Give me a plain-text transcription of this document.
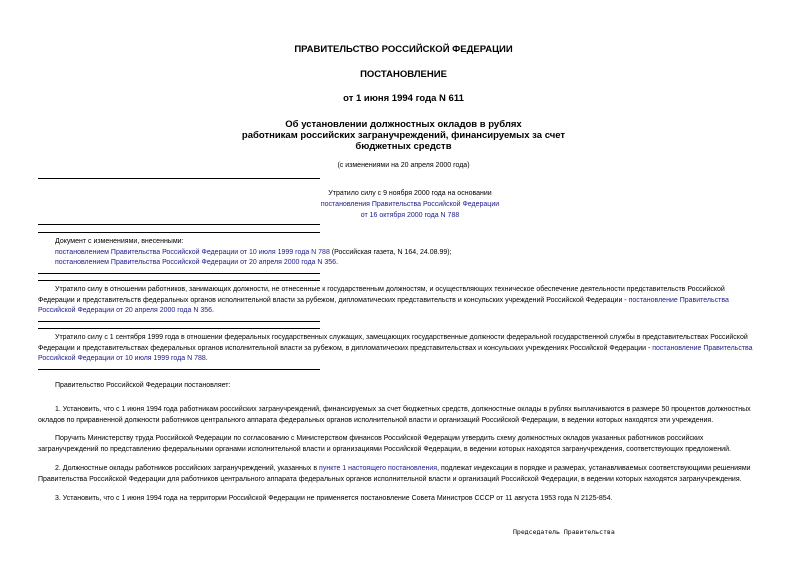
ПРАВИТЕЛЬСТВО РОССИЙСКОЙ ФЕДЕРАЦИИ
ПОСТАНОВЛЕНИЕ
от 1 июня 1994 года N 611
Об установлении должностных окладов в рублях
работникам российских загранучреждений, финансируемых за счет
бюджетных средств
(с изменениями на 20 апреля 2000 года)
Утратило силу с 9 ноября 2000 года на основании
постановления Правительства Российской Федерации
от 16 октября 2000 года N 788
Документ с изменениями, внесенными:
постановлением Правительства Российской Федерации от 10 июля 1999 года N 788 (Российская газета, N 164, 24.08.99);
постановлением Правительства Российской Федерации от 20 апреля 2000 года N 356.
Утратило силу в отношении работников, занимающих должности, не отнесенные к государственным должностям, и осуществляющих техническое обеспечение деятельности представительств Российской
Федерации и представительств федеральных органов исполнительной власти за рубежом, дипломатических представительств и консульских учреждений Российской Федерации - постановление Правительства
Российской Федерации от 20 апреля 2000 года N 356.
Утратило силу с 1 сентября 1999 года в отношении федеральных государственных служащих, замещающих государственные должности федеральной государственной службы в представительствах Российской
Федерации и представительствах федеральных органов исполнительной власти за рубежом, в дипломатических представительствах и консульских учреждениях Российской Федерации - постановление Правительства
Российской Федерации от 10 июля 1999 года N 788.
Правительство Российской Федерации постановляет:
1. Установить, что с 1 июня 1994 года работникам российских загранучреждений, финансируемых за счет бюджетных средств, должностные оклады в рублях выплачиваются в размере 50 процентов должностных
окладов по приравненной должности работников центрального аппарата федеральных органов исполнительной власти и организаций Российской Федерации, в ведении которых находятся эти учреждения.
Поручить Министерству труда Российской Федерации по согласованию с Министерством финансов Российской Федерации утвердить схему должностных окладов указанных работников российских
загранучреждений по представлению федеральными органами исполнительной власти и организациями Российской Федерации, в ведении которых находятся загранучреждения, соответствующих предложений.
2. Должностные оклады работников российских загранучреждений, указанных в пункте 1 настоящего постановления, подлежат индексации в порядке и размерах, устанавливаемых соответствующими решениями
Правительства Российской Федерации для работников центрального аппарата федеральных органов исполнительной власти и организаций Российской Федерации, в ведении которых находятся загранучреждения.
3. Установить, что с 1 июня 1994 года на территории Российской Федерации не применяется постановление Совета Министров СССР от 11 августа 1953 года N 2125-854.
Председатель Правительства
